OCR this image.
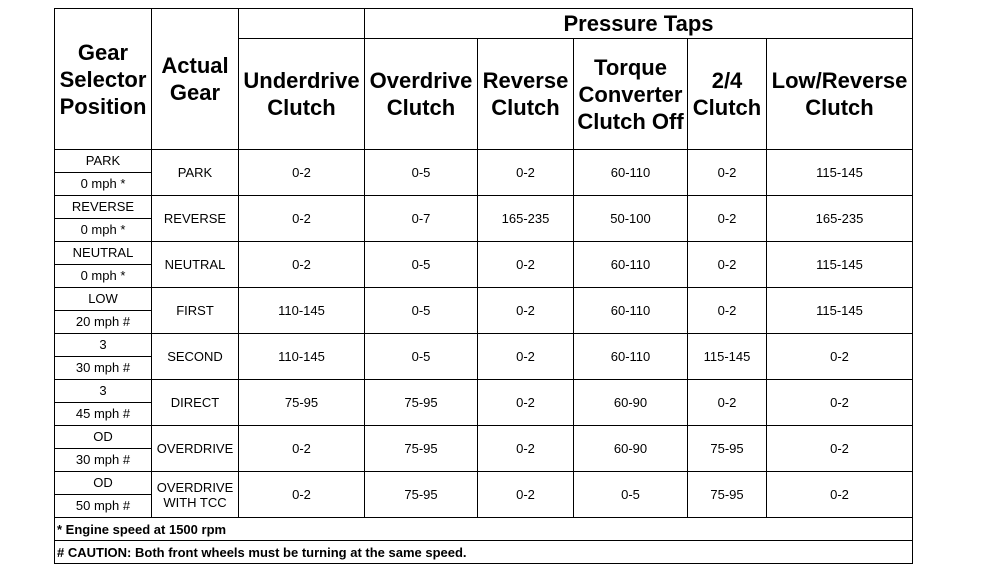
Gear Selector Position	Actual Gear		Pressure Taps				
		Underdrive Clutch	Overdrive Clutch	Reverse Clutch	Torque Converter Clutch Off	2/4 Clutch	Low/Reverse Clutch
PARK	PARK	0-2	0-5	0-2	60-110	0-2	115-145
0 mph *							
REVERSE	REVERSE	0-2	0-7	165-235	50-100	0-2	165-235
0 mph *							
NEUTRAL	NEUTRAL	0-2	0-5	0-2	60-110	0-2	115-145
0 mph *							
LOW	FIRST	110-145	0-5	0-2	60-110	0-2	115-145
20 mph #							
3	SECOND	110-145	0-5	0-2	60-110	115-145	0-2
30 mph #							
3	DIRECT	75-95	75-95	0-2	60-90	0-2	0-2
45 mph #							
OD	OVERDRIVE	0-2	75-95	0-2	60-90	75-95	0-2
30 mph #							
OD	OVERDRIVE WITH TCC	0-2	75-95	0-2	0-5	75-95	0-2
50 mph #							
* Engine speed at 1500 rpm							
# CAUTION: Both front wheels must be turning at the same speed.							
